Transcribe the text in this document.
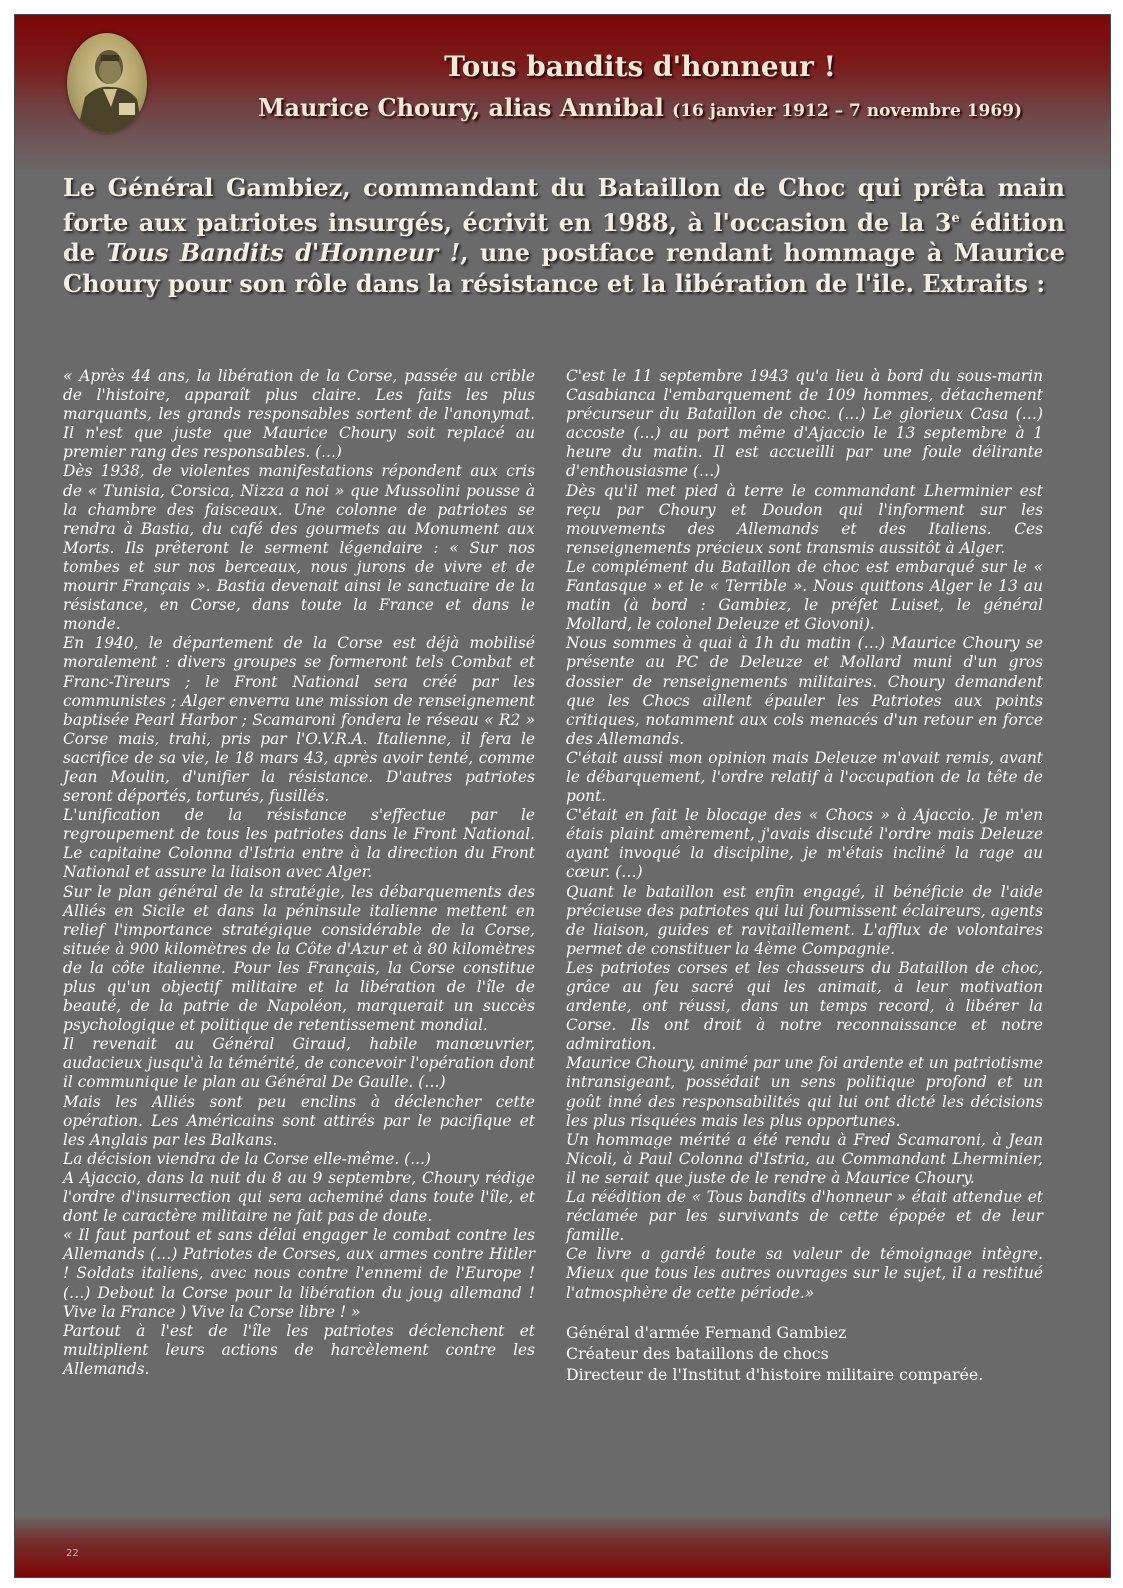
Tous bandits d'honneur !
Maurice Choury, alias Annibal (16 janvier 1912 – 7 novembre 1969)

Le Général Gambiez, commandant du Bataillon de Choc qui prêta main forte aux patriotes insurgés, écrivit en 1988, à l'occasion de la 3e édition de Tous Bandits d'Honneur !, une postface rendant hommage à Maurice Choury pour son rôle dans la résistance et la libération de l'ile. Extraits :

« Après 44 ans, la libération de la Corse, passée au crible de l'histoire, apparaît plus claire. Les faits les plus marquants, les grands responsables sortent de l'anonymat. Il n'est que juste que Maurice Choury soit replacé au premier rang des responsables. (...)

Dès 1938, de violentes manifestations répondent aux cris de « Tunisia, Corsica, Nizza a noi » que Mussolini pousse à la chambre des faisceaux. Une colonne de patriotes se rendra à Bastia, du café des gourmets au Monument aux Morts. Ils prêteront le serment légendaire : « Sur nos tombes et sur nos berceaux, nous jurons de vivre et de mourir Français ». Bastia devenait ainsi le sanctuaire de la résistance, en Corse, dans toute la France et dans le monde.

En 1940, le département de la Corse est déjà mobilisé moralement : divers groupes se formeront tels Combat et Franc-Tireurs ; le Front National sera créé par les communistes ; Alger enverra une mission de renseignement baptisée Pearl Harbor ; Scamaroni fondera le réseau « R2 » Corse mais, trahi, pris par l'O.V.R.A. Italienne, il fera le sacrifice de sa vie, le 18 mars 43, après avoir tenté, comme Jean Moulin, d'unifier la résistance. D'autres patriotes seront déportés, torturés, fusillés.

L'unification de la résistance s'effectue par le regroupement de tous les patriotes dans le Front National. Le capitaine Colonna d'Istria entre à la direction du Front National et assure la liaison avec Alger.

Sur le plan général de la stratégie, les débarquements des Alliés en Sicile et dans la péninsule italienne mettent en relief l'importance stratégique considérable de la Corse, située à 900 kilomètres de la Côte d'Azur et à 80 kilomètres de la côte italienne. Pour les Français, la Corse constitue plus qu'un objectif militaire et la libération de l'île de beauté, de la patrie de Napoléon, marquerait un succès psychologique et politique de retentissement mondial.

Il revenait au Général Giraud, habile manœuvrier, audacieux jusqu'à la témérité, de concevoir l'opération dont il communique le plan au Général De Gaulle. (…)

Mais les Alliés sont peu enclins à déclencher cette opération. Les Américains sont attirés par le pacifique et les Anglais par les Balkans.

La décision viendra de la Corse elle-même. (...)

A Ajaccio, dans la nuit du 8 au 9 septembre, Choury rédige l'ordre d'insurrection qui sera acheminé dans toute l'île, et dont le caractère militaire ne fait pas de doute.

« Il faut partout et sans délai engager le combat contre les Allemands (…) Patriotes de Corses, aux armes contre Hitler ! Soldats italiens, avec nous contre l'ennemi de l'Europe ! (…) Debout la Corse pour la libération du joug allemand ! Vive la France ) Vive la Corse libre ! »

Partout à l'est de l'île les patriotes déclenchent et multiplient leurs actions de harcèlement contre les Allemands.

C'est le 11 septembre 1943 qu'a lieu à bord du sous-marin Casabianca l'embarquement de 109 hommes, détachement précurseur du Bataillon de choc. (…) Le glorieux Casa (…) accoste (…) au port même d'Ajaccio le 13 septembre à 1 heure du matin. Il est accueilli par une foule délirante d'enthousiasme (…)

Dès qu'il met pied à terre le commandant Lherminier est reçu par Choury et Doudon qui l'informent sur les mouvements des Allemands et des Italiens. Ces renseignements précieux sont transmis aussitôt à Alger.

Le complément du Bataillon de choc est embarqué sur le « Fantasque » et le « Terrible ». Nous quittons Alger le 13 au matin (à bord : Gambiez, le préfet Luiset, le général Mollard, le colonel Deleuze et Giovoni).

Nous sommes à quai à 1h du matin (…) Maurice Choury se présente au PC de Deleuze et Mollard muni d'un gros dossier de renseignements militaires. Choury demandent que les Chocs aillent épauler les Patriotes aux points critiques, notamment aux cols menacés d'un retour en force des Allemands.

C'était aussi mon opinion mais Deleuze m'avait remis, avant le débarquement, l'ordre relatif à l'occupation de la tête de pont.

C'était en fait le blocage des « Chocs » à Ajaccio. Je m'en étais plaint amèrement, j'avais discuté l'ordre mais Deleuze ayant invoqué la discipline, je m'étais incliné la rage au cœur. (…)

Quant le bataillon est enfin engagé, il bénéficie de l'aide précieuse des patriotes qui lui fournissent éclaireurs, agents de liaison, guides et ravitaillement. L'afflux de volontaires permet de constituer la 4ème Compagnie.

Les patriotes corses et les chasseurs du Bataillon de choc, grâce au feu sacré qui les animait, à leur motivation ardente, ont réussi, dans un temps record, à libérer la Corse. Ils ont droit à notre reconnaissance et notre admiration.

Maurice Choury, animé par une foi ardente et un patriotisme intransigeant, possédait un sens politique profond et un goût inné des responsabilités qui lui ont dicté les décisions les plus risquées mais les plus opportunes.

Un hommage mérité a été rendu à Fred Scamaroni, à Jean Nicoli, à Paul Colonna d'Istria, au Commandant Lherminier, il ne serait que juste de le rendre à Maurice Choury.

La réédition de « Tous bandits d'honneur » était attendue et réclamée par les survivants de cette épopée et de leur famille.

Ce livre a gardé toute sa valeur de témoignage intègre. Mieux que tous les autres ouvrages sur le sujet, il a restitué l'atmosphère de cette période.»

Général d'armée Fernand Gambiez
Créateur des bataillons de chocs
Directeur de l'Institut d'histoire militaire comparée.

22
